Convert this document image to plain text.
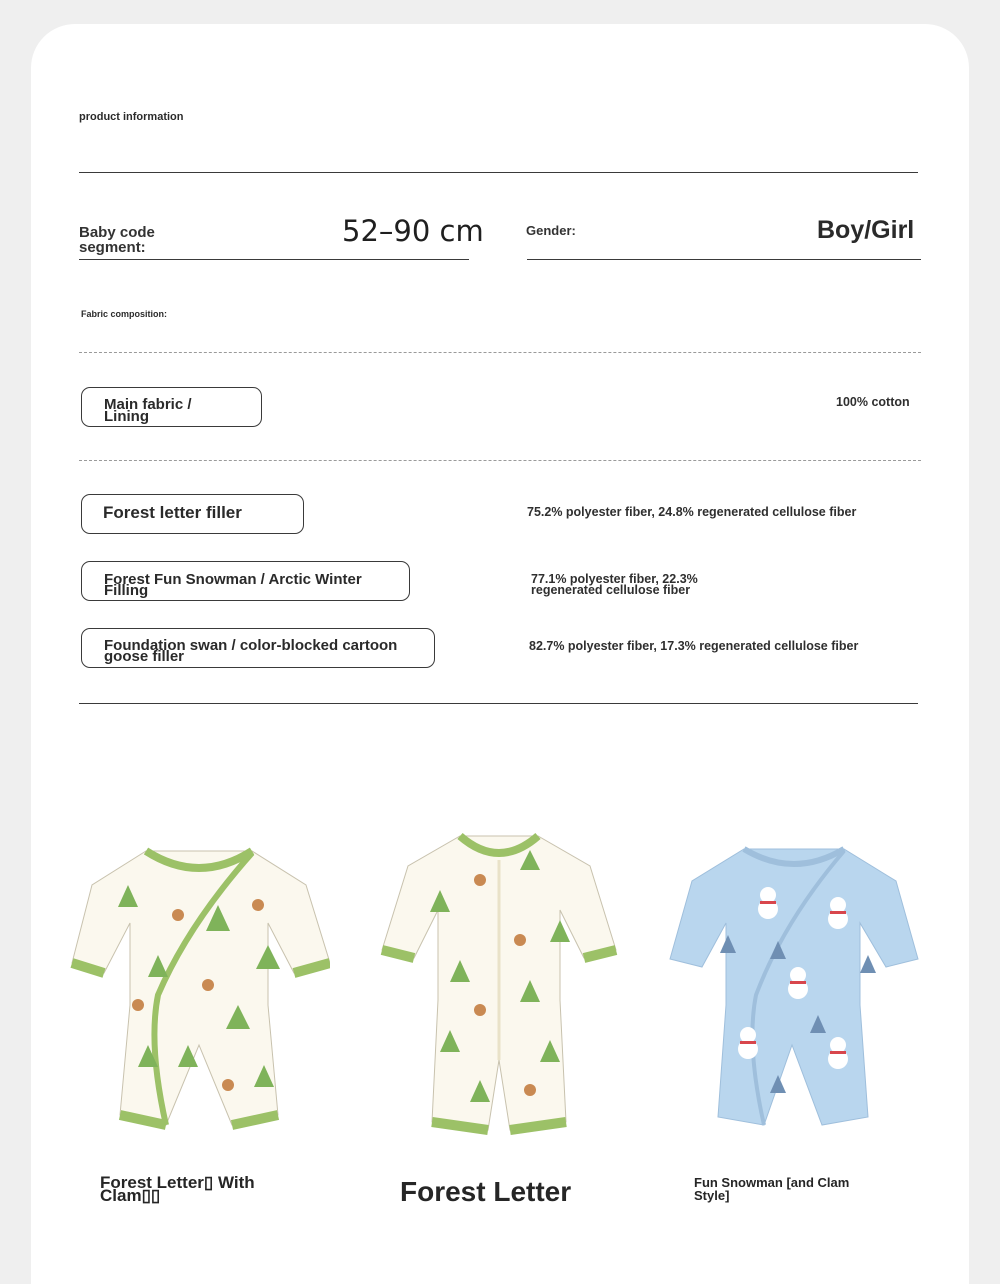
product information
Baby code segment:	52–90 cm	Gender:	Boy/Girl
Fabric composition:
Main fabric / Lining
100% cotton
Forest letter filler	75.2% polyester fiber, 24.8% regenerated cellulose fiber
Forest Fun Snowman / Arctic Winter Filling
77.1% polyester fiber, 22.3% regenerated cellulose fiber
Foundation swan / color-blocked cartoon goose filler
82.7% polyester fiber, 17.3% regenerated cellulose fiber
Forest Letter▯ With Clam▯▯	Forest Letter	Fun Snowman [and Clam Style]
